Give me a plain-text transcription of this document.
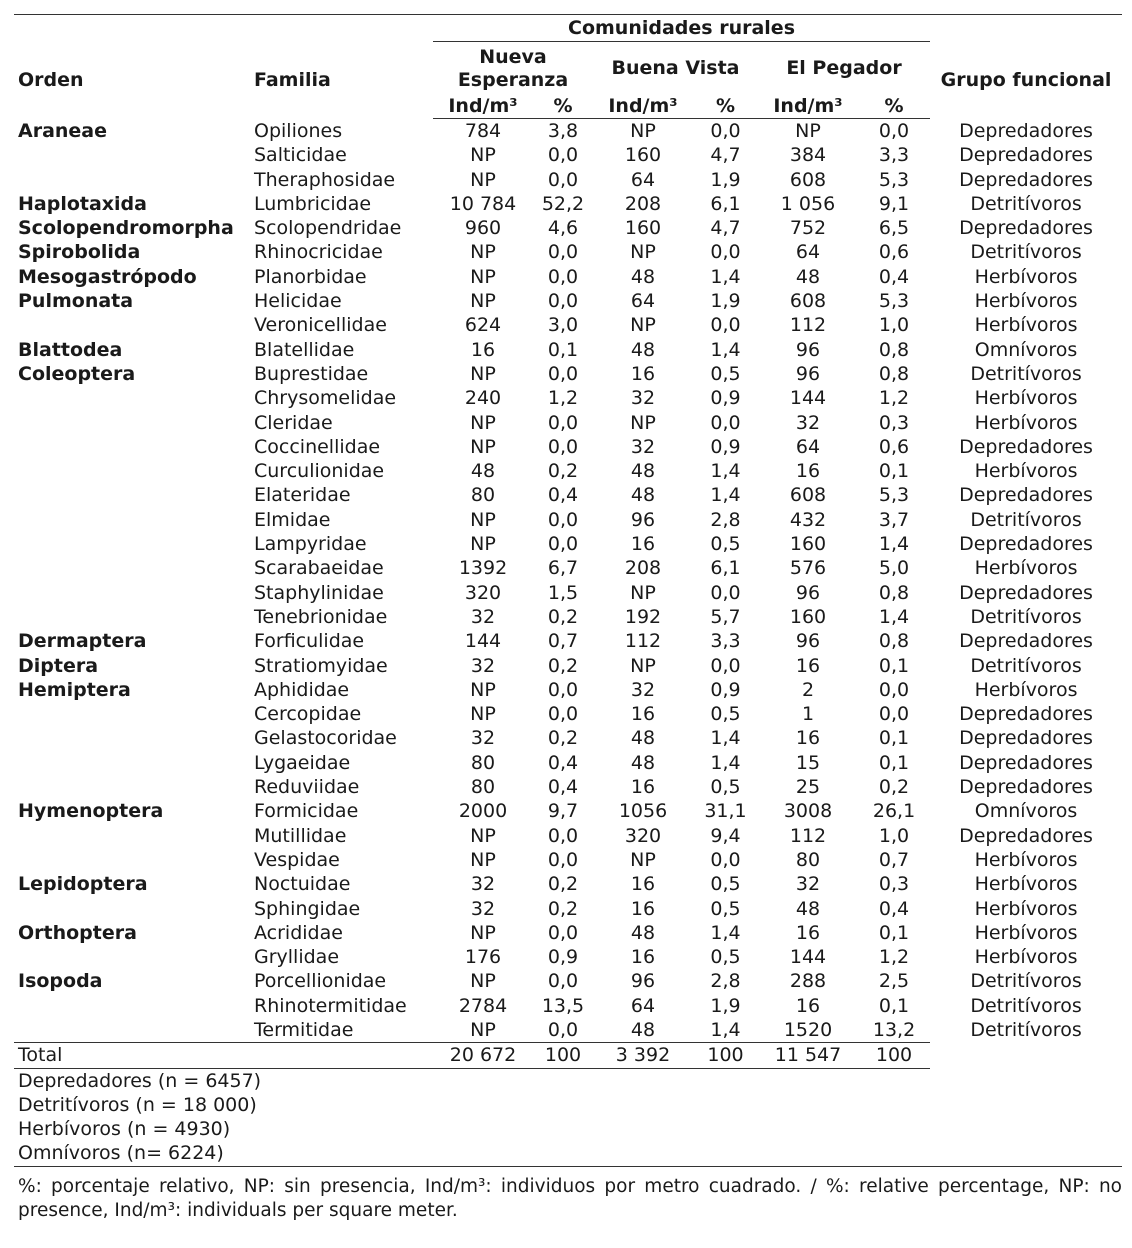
		Comunidades rurales						
Orden	Familia	Nueva Esperanza		Buena Vista		El Pegador		Grupo funcional
		Ind/m³	%	Ind/m³	%	Ind/m³	%	
Araneae	Opiliones	784	3,8	NP	0,0	NP	0,0	Depredadores
	Salticidae	NP	0,0	160	4,7	384	3,3	Depredadores
	Theraphosidae	NP	0,0	64	1,9	608	5,3	Depredadores
Haplotaxida	Lumbricidae	10 784	52,2	208	6,1	1 056	9,1	Detritívoros
Scolopendromorpha	Scolopendridae	960	4,6	160	4,7	752	6,5	Depredadores
Spirobolida	Rhinocricidae	NP	0,0	NP	0,0	64	0,6	Detritívoros
Mesogastrópodo	Planorbidae	NP	0,0	48	1,4	48	0,4	Herbívoros
Pulmonata	Helicidae	NP	0,0	64	1,9	608	5,3	Herbívoros
	Veronicellidae	624	3,0	NP	0,0	112	1,0	Herbívoros
Blattodea	Blatellidae	16	0,1	48	1,4	96	0,8	Omnívoros
Coleoptera	Buprestidae	NP	0,0	16	0,5	96	0,8	Detritívoros
	Chrysomelidae	240	1,2	32	0,9	144	1,2	Herbívoros
	Cleridae	NP	0,0	NP	0,0	32	0,3	Herbívoros
	Coccinellidae	NP	0,0	32	0,9	64	0,6	Depredadores
	Curculionidae	48	0,2	48	1,4	16	0,1	Herbívoros
	Elateridae	80	0,4	48	1,4	608	5,3	Depredadores
	Elmidae	NP	0,0	96	2,8	432	3,7	Detritívoros
	Lampyridae	NP	0,0	16	0,5	160	1,4	Depredadores
	Scarabaeidae	1392	6,7	208	6,1	576	5,0	Herbívoros
	Staphylinidae	320	1,5	NP	0,0	96	0,8	Depredadores
	Tenebrionidae	32	0,2	192	5,7	160	1,4	Detritívoros
Dermaptera	Forficulidae	144	0,7	112	3,3	96	0,8	Depredadores
Diptera	Stratiomyidae	32	0,2	NP	0,0	16	0,1	Detritívoros
Hemiptera	Aphididae	NP	0,0	32	0,9	2	0,0	Herbívoros
	Cercopidae	NP	0,0	16	0,5	1	0,0	Depredadores
	Gelastocoridae	32	0,2	48	1,4	16	0,1	Depredadores
	Lygaeidae	80	0,4	48	1,4	15	0,1	Depredadores
	Reduviidae	80	0,4	16	0,5	25	0,2	Depredadores
Hymenoptera	Formicidae	2000	9,7	1056	31,1	3008	26,1	Omnívoros
	Mutillidae	NP	0,0	320	9,4	112	1,0	Depredadores
	Vespidae	NP	0,0	NP	0,0	80	0,7	Herbívoros
Lepidoptera	Noctuidae	32	0,2	16	0,5	32	0,3	Herbívoros
	Sphingidae	32	0,2	16	0,5	48	0,4	Herbívoros
Orthoptera	Acrididae	NP	0,0	48	1,4	16	0,1	Herbívoros
	Gryllidae	176	0,9	16	0,5	144	1,2	Herbívoros
Isopoda	Porcellionidae	NP	0,0	96	2,8	288	2,5	Detritívoros
	Rhinotermitidae	2784	13,5	64	1,9	16	0,1	Detritívoros
	Termitidae	NP	0,0	48	1,4	1520	13,2	Detritívoros
Total		20 672	100	3 392	100	11 547	100	
Depredadores (n = 6457)								
Detritívoros (n = 18 000)								
Herbívoros (n = 4930)								
Omnívoros (n= 6224)								
%: porcentaje relativo, NP: sin presencia, Ind/m³: individuos por metro cuadrado. / %: relative percentage, NP: no presence, Ind/m³: individuals per square meter.
